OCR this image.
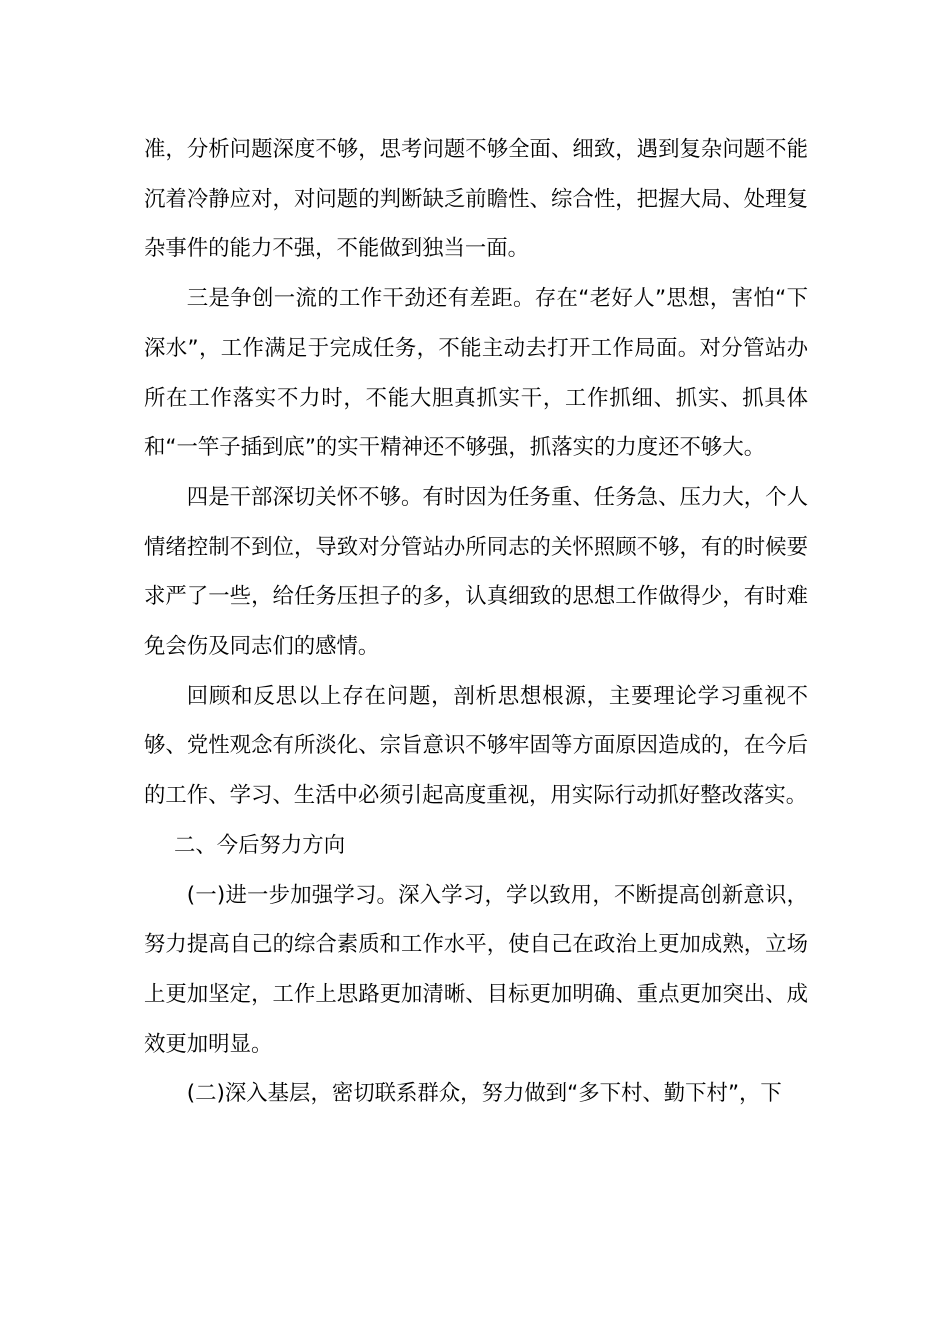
准，分析问题深度不够，思考问题不够全面、细致，遇到复杂问题不能沉着冷静应对，对问题的判断缺乏前瞻性、综合性，把握大局、处理复杂事件的能力不强，不能做到独当一面。

三是争创一流的工作干劲还有差距。存在“老好人”思想，害怕“下深水”，工作满足于完成任务，不能主动去打开工作局面。对分管站办所在工作落实不力时，不能大胆真抓实干，工作抓细、抓实、抓具体和“一竿子插到底”的实干精神还不够强，抓落实的力度还不够大。

四是干部深切关怀不够。有时因为任务重、任务急、压力大，个人情绪控制不到位，导致对分管站办所同志的关怀照顾不够，有的时候要求严了一些，给任务压担子的多，认真细致的思想工作做得少，有时难免会伤及同志们的感情。

回顾和反思以上存在问题，剖析思想根源，主要理论学习重视不够、党性观念有所淡化、宗旨意识不够牢固等方面原因造成的，在今后的工作、学习、生活中必须引起高度重视，用实际行动抓好整改落实。

二、今后努力方向

(一)进一步加强学习。深入学习，学以致用，不断提高创新意识，努力提高自己的综合素质和工作水平，使自己在政治上更加成熟，立场上更加坚定，工作上思路更加清晰、目标更加明确、重点更加突出、成效更加明显。

(二)深入基层，密切联系群众，努力做到“多下村、勤下村”，下
